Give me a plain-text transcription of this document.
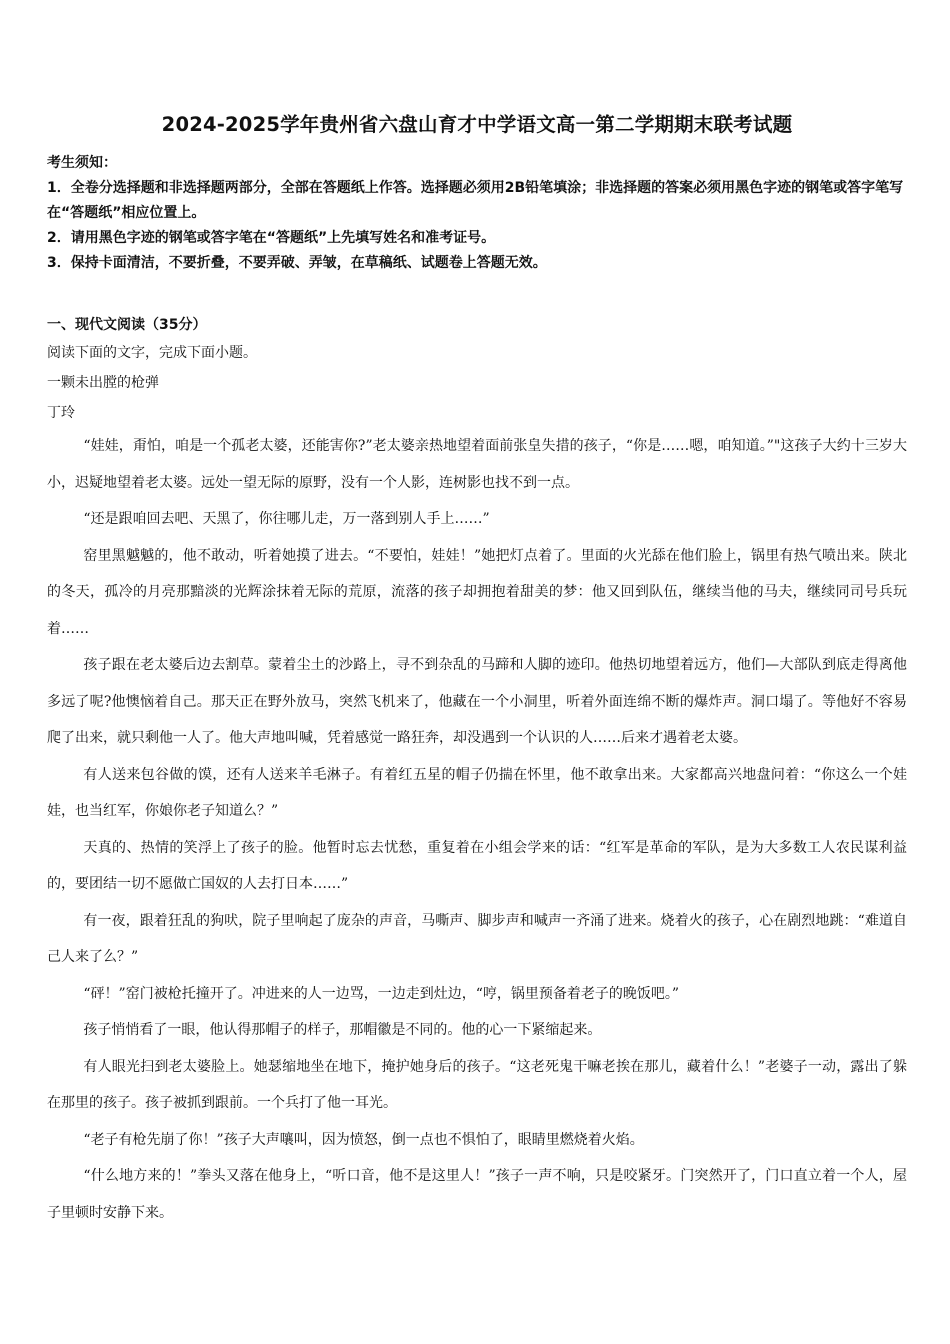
2024-2025学年贵州省六盘山育才中学语文高一第二学期期末联考试题
考生须知：

1．全卷分选择题和非选择题两部分，全部在答题纸上作答。选择题必须用2B铅笔填涂；非选择题的答案必须用黑色字迹的钢笔或答字笔写在“答题纸”相应位置上。

2．请用黑色字迹的钢笔或答字笔在“答题纸”上先填写姓名和准考证号。

3．保持卡面清洁，不要折叠，不要弄破、弄皱，在草稿纸、试题卷上答题无效。

一、现代文阅读（35分）
阅读下面的文字，完成下面小题。
一颗未出膛的枪弹
丁玲

“娃娃，甭怕，咱是一个孤老太婆，还能害你?”老太婆亲热地望着面前张皇失措的孩子，“你是……嗯，咱知道。”"这孩子大约十三岁大小，迟疑地望着老太婆。远处一望无际的原野，没有一个人影，连树影也找不到一点。

“还是跟咱回去吧、天黑了，你往哪儿走，万一落到别人手上……”

窑里黑魆魆的，他不敢动，听着她摸了进去。“不要怕，娃娃！”她把灯点着了。里面的火光舔在他们脸上，锅里有热气喷出来。陕北的冬天，孤冷的月亮那黯淡的光辉涂抹着无际的荒原，流落的孩子却拥抱着甜美的梦：他又回到队伍，继续当他的马夫，继续同司号兵玩着……

孩子跟在老太婆后边去割草。蒙着尘土的沙路上，寻不到杂乱的马蹄和人脚的迹印。他热切地望着远方，他们—大部队到底走得离他多远了呢?他懊恼着自己。那天正在野外放马，突然飞机来了，他藏在一个小洞里，听着外面连绵不断的爆炸声。洞口塌了。等他好不容易爬了出来，就只剩他一人了。他大声地叫喊，凭着感觉一路狂奔，却没遇到一个认识的人……后来才遇着老太婆。

有人送来包谷做的馍，还有人送来羊毛淋子。有着红五星的帽子仍揣在怀里，他不敢拿出来。大家都高兴地盘问着：“你这么一个娃娃，也当红军，你娘你老子知道么？”

天真的、热情的笑浮上了孩子的脸。他暂时忘去忧愁，重复着在小组会学来的话：“红军是革命的军队，是为大多数工人农民谋利益的，要团结一切不愿做亡国奴的人去打日本……”

有一夜，跟着狂乱的狗吠，院子里响起了庞杂的声音，马嘶声、脚步声和喊声一齐涌了进来。烧着火的孩子，心在剧烈地跳：“难道自己人来了么？”

“砰！”窑门被枪托撞开了。冲进来的人一边骂，一边走到灶边，“哼，锅里预备着老子的晚饭吧。”

孩子悄悄看了一眼，他认得那帽子的样子，那帽徽是不同的。他的心一下紧缩起来。

有人眼光扫到老太婆脸上。她瑟缩地坐在地下，掩护她身后的孩子。“这老死鬼干嘛老挨在那儿，藏着什么！”老婆子一动，露出了躲在那里的孩子。孩子被抓到跟前。一个兵打了他一耳光。

“老子有枪先崩了你！”孩子大声嚷叫，因为愤怒，倒一点也不惧怕了，眼睛里燃烧着火焰。

“什么地方来的！”拳头又落在他身上，“听口音，他不是这里人！”孩子一声不响，只是咬紧牙。门突然开了，门口直立着一个人，屋子里顿时安静下来。
